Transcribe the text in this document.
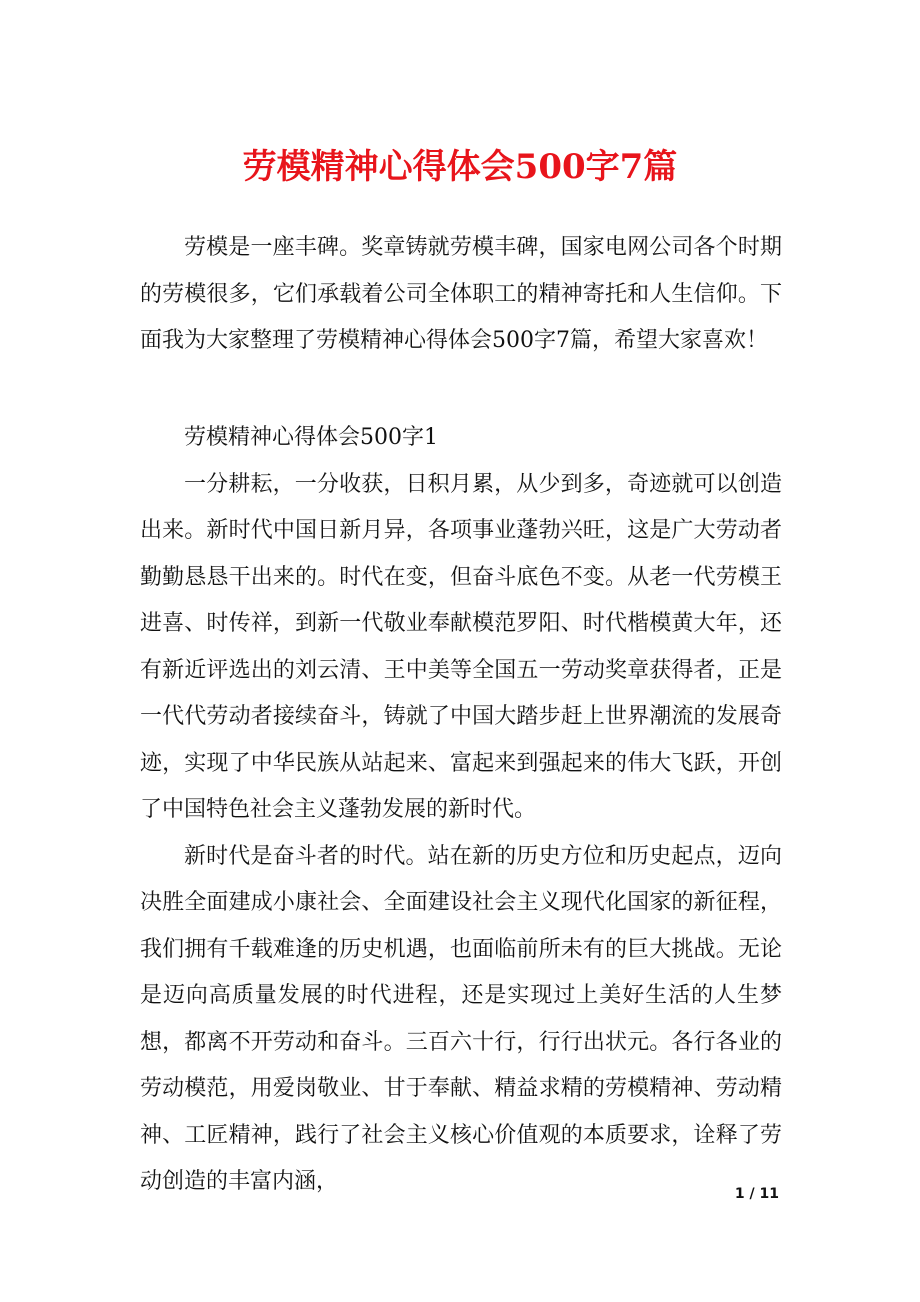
劳模精神心得体会500字7篇

劳模是一座丰碑。奖章铸就劳模丰碑，国家电网公司各个时期的劳模很多，它们承载着公司全体职工的精神寄托和人生信仰。下面我为大家整理了劳模精神心得体会500字7篇，希望大家喜欢！

劳模精神心得体会500字1

一分耕耘，一分收获，日积月累，从少到多，奇迹就可以创造出来。新时代中国日新月异，各项事业蓬勃兴旺，这是广大劳动者勤勤恳恳干出来的。时代在变，但奋斗底色不变。从老一代劳模王进喜、时传祥，到新一代敬业奉献模范罗阳、时代楷模黄大年，还有新近评选出的刘云清、王中美等全国五一劳动奖章获得者，正是一代代劳动者接续奋斗，铸就了中国大踏步赶上世界潮流的发展奇迹，实现了中华民族从站起来、富起来到强起来的伟大飞跃，开创了中国特色社会主义蓬勃发展的新时代。

新时代是奋斗者的时代。站在新的历史方位和历史起点，迈向决胜全面建成小康社会、全面建设社会主义现代化国家的新征程，我们拥有千载难逢的历史机遇，也面临前所未有的巨大挑战。无论是迈向高质量发展的时代进程，还是实现过上美好生活的人生梦想，都离不开劳动和奋斗。三百六十行，行行出状元。各行各业的劳动模范，用爱岗敬业、甘于奉献、精益求精的劳模精神、劳动精神、工匠精神，践行了社会主义核心价值观的本质要求，诠释了劳动创造的丰富内涵，	1 / 11
